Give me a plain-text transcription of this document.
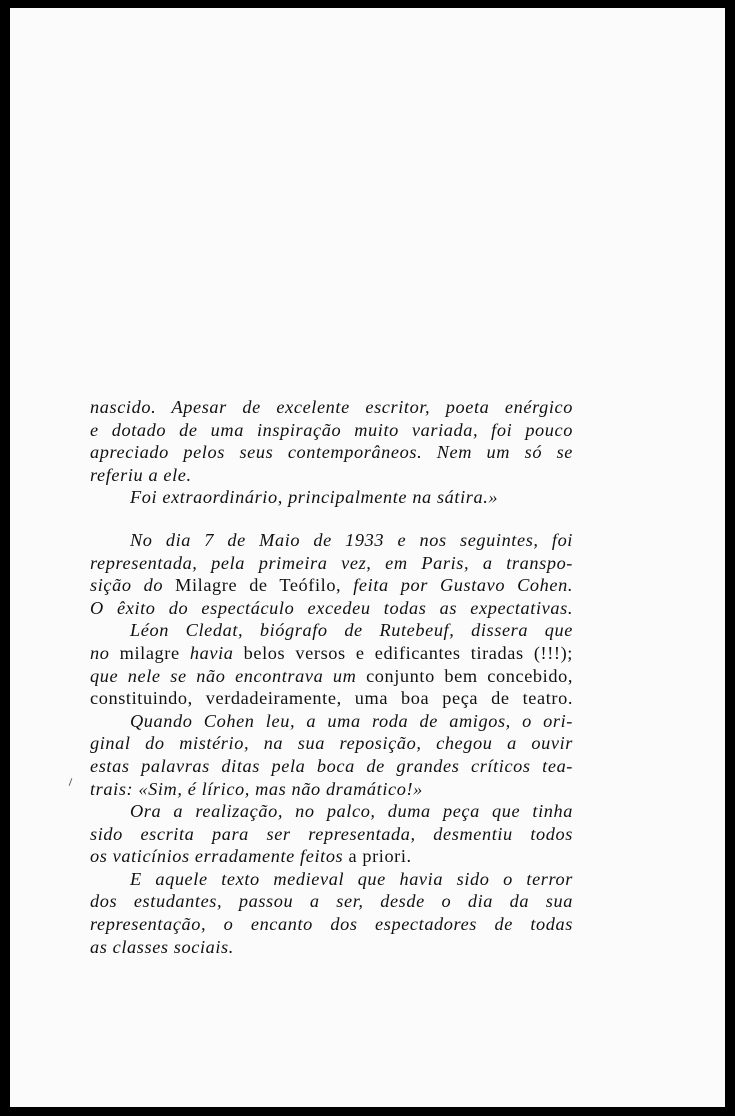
nascido. Apesar de excelente escritor, poeta enérgico
e dotado de uma inspiração muito variada, foi pouco
apreciado pelos seus contemporâneos. Nem um só se
referiu a ele.
Foi extraordinário, principalmente na sátira.»
No dia 7 de Maio de 1933 e nos seguintes, foi
representada, pela primeira vez, em Paris, a transpo-
sição do Milagre de Teófilo, feita por Gustavo Cohen.
O êxito do espectáculo excedeu todas as expectativas.
Léon Cledat, biógrafo de Rutebeuf, dissera que
no milagre havia belos versos e edificantes tiradas (!!!);
que nele se não encontrava um conjunto bem concebido,
constituindo, verdadeiramente, uma boa peça de teatro.
Quando Cohen leu, a uma roda de amigos, o ori-
ginal do mistério, na sua reposição, chegou a ouvir
estas palavras ditas pela boca de grandes críticos tea-
trais: «Sim, é lírico, mas não dramático!»
Ora a realização, no palco, duma peça que tinha
sido escrita para ser representada, desmentiu todos
os vaticínios erradamente feitos a priori.
E aquele texto medieval que havia sido o terror
dos estudantes, passou a ser, desde o dia da sua
representação, o encanto dos espectadores de todas
as classes sociais.
